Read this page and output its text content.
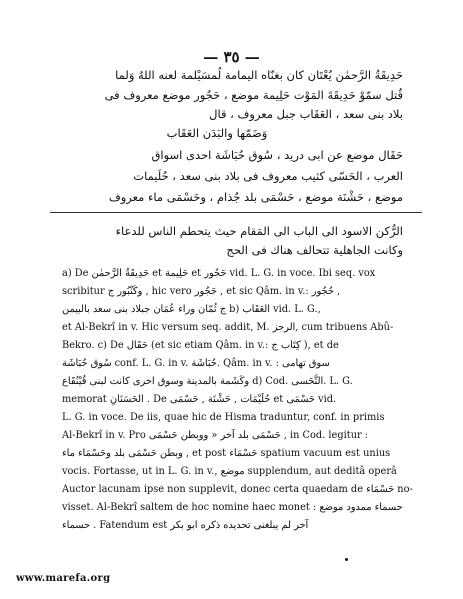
— ٣٥ —
حَدِيقَةُ الرَّحمٰن يُعْتَان كان بغنّاه اليمامة لُمسَيْلمة لعنه اللهُ وَلما
قُتل سمّوْ حَدِيقَةَ المَوْت حَلِيمة موضع ، حَجُور موضع معروف فى
بلاد بنى سعد ، العَقَاب جبل معروف ، قال
وَضَمّها والبَدَن العَقَاب
حَقَال موضع عن ابى دريد ، سُوق حُبَاشَة احدى اسواق
العرب ، الحَسّى كثيب معروف فى بلاد بنى سعد ، حُلَيمات
موضع ، حَشْنَة موضع ، حَسْمَى بلد جُذام ، وحَسْمَى ماء معروف
الرُّكن الاسود الى الباب الى المَقام حيث يتحطم الناس للدعاء
وكانت الجاهلية تتحالف هناك فى الحج
a) De حَدِيقَةُ الرَّحمٰن et حَلِيمة et حَجُور vid. L. G. in voce. Ibi seq. vox
scribitur وكَنْبُور ج , hic vero حَجُور , et sic Qâm. in v.: حُجُور ,
ج ثُمّان وراء عُمَان جبلاد بنى سعد بالبيمن b) العَقَاب vid. L. G.,
et Al-Bekrî in v. Hic versum seq. addit, M. الرجز, cum tribuens Abû-
Bekro. c) De حَقَال (et sic etiam Qâm. in v.: كِتَاب ج ), et de
سُوق حُبَاشَة conf. L. G. in v. حُبَاشَة. Qâm. in v. : سوق تهامى
وكَشَمة بالمدينة وسوق اخرى كانت لبنى قُيْنُقَاع d) Cod. التَّحَسى. L. G.
memorat الحَسَنَانِ . De حُلَيْمَات , حَشْنَة , حَسْمَى et حَسْمَى vid.
L. G. in voce. De iis, quae hic de Hisma traduntur, conf. in primis
Al-Bekrî in v. Pro حَسْمَى بلد آخر « ووبطن حَسْمَى , in Cod. legitur :
وبطن حَسْمَى بلد وحَسْمَاء ماء , et post حَسْمَاء spatium vacuum est unius
vocis. Fortasse, ut in L. G. in v., موضع supplendum, aut deditâ operâ
Auctor lacunam ipse non supplevit, donec certa quaedam de حَسْمَاء no-
visset. Al-Bekrî saltem de hoc nomine haec monet : حسماء ممدود موضع
حسماء . Fatendum est آخر لم يبلغنى تحديده ذكره ابو بكر
www.marefa.org
